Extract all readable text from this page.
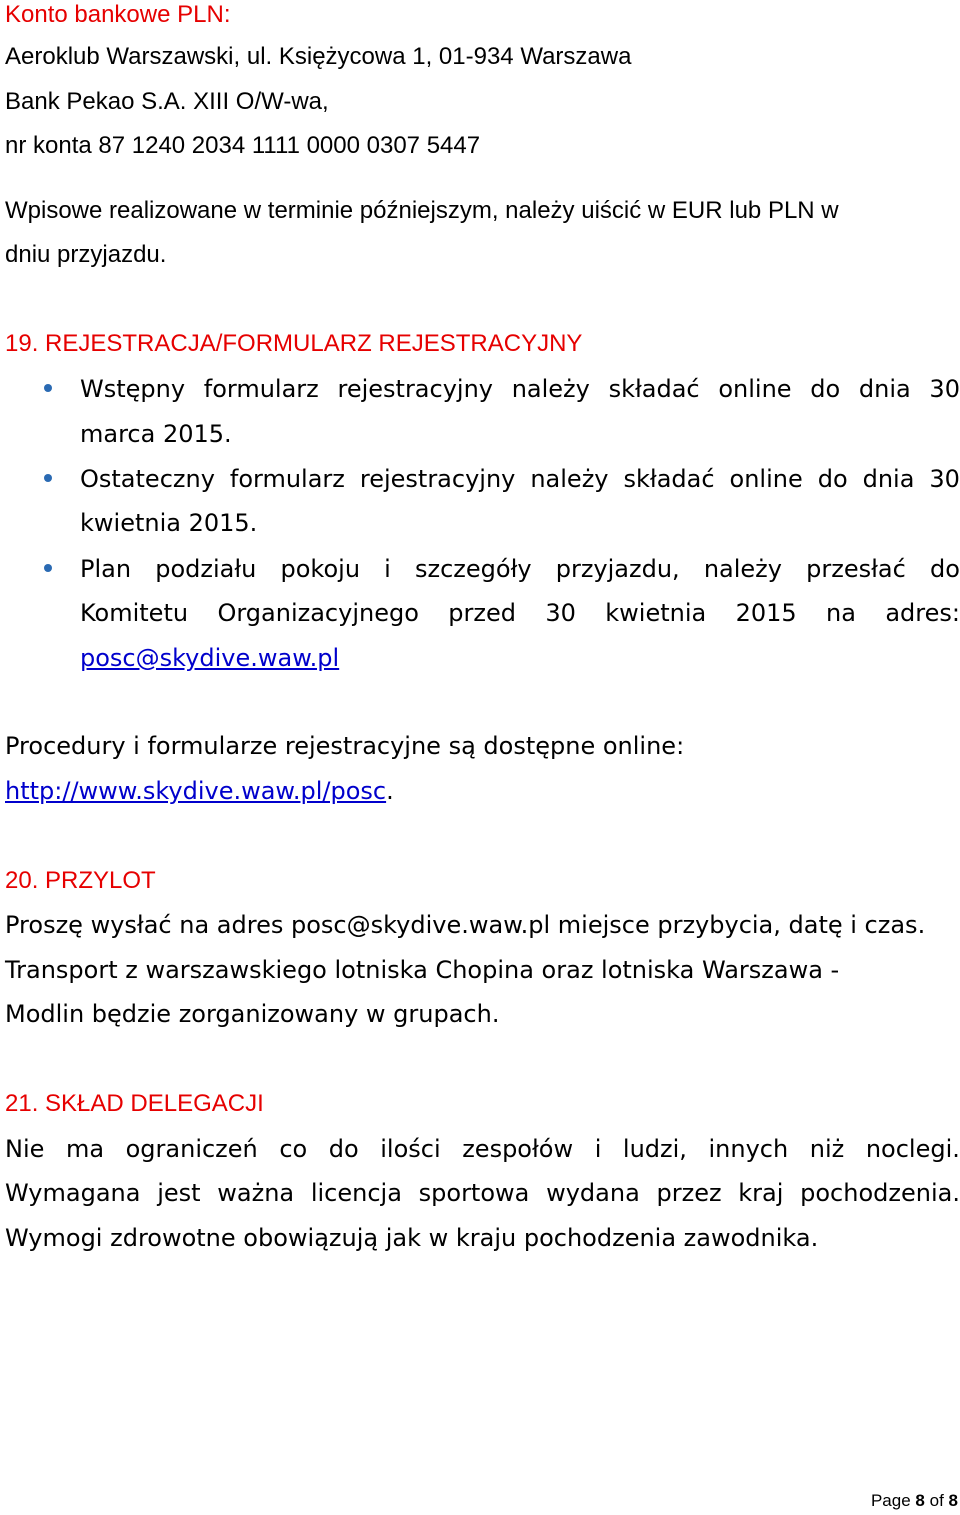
Konto bankowe PLN:
Aeroklub Warszawski, ul. Księżycowa 1, 01-934 Warszawa
Bank Pekao S.A. XIII O/W-wa,
nr konta 87 1240 2034 1111 0000 0307 5447
Wpisowe realizowane w terminie późniejszym, należy uiścić w EUR lub PLN w
dniu przyjazdu.
19. REJESTRACJA/FORMULARZ REJESTRACYJNY
Wstępny formularz rejestracyjny należy składać online do dnia 30
marca 2015.
Ostateczny formularz rejestracyjny należy składać online do dnia 30
kwietnia 2015.
Plan podziału pokoju i szczegóły przyjazdu, należy przesłać do
Komitetu Organizacyjnego przed 30 kwietnia 2015 na adres:
posc@skydive.waw.pl
Procedury i formularze rejestracyjne są dostępne online:
http://www.skydive.waw.pl/posc.
20. PRZYLOT
Proszę wysłać na adres posc@skydive.waw.pl miejsce przybycia, datę i czas.
Transport z warszawskiego lotniska Chopina oraz lotniska Warszawa -
Modlin będzie zorganizowany w grupach.
21. SKŁAD DELEGACJI
Nie ma ograniczeń co do ilości zespołów i ludzi, innych niż noclegi.
Wymagana jest ważna licencja sportowa wydana przez kraj pochodzenia.
Wymogi zdrowotne obowiązują jak w kraju pochodzenia zawodnika.
Page 8 of 8
